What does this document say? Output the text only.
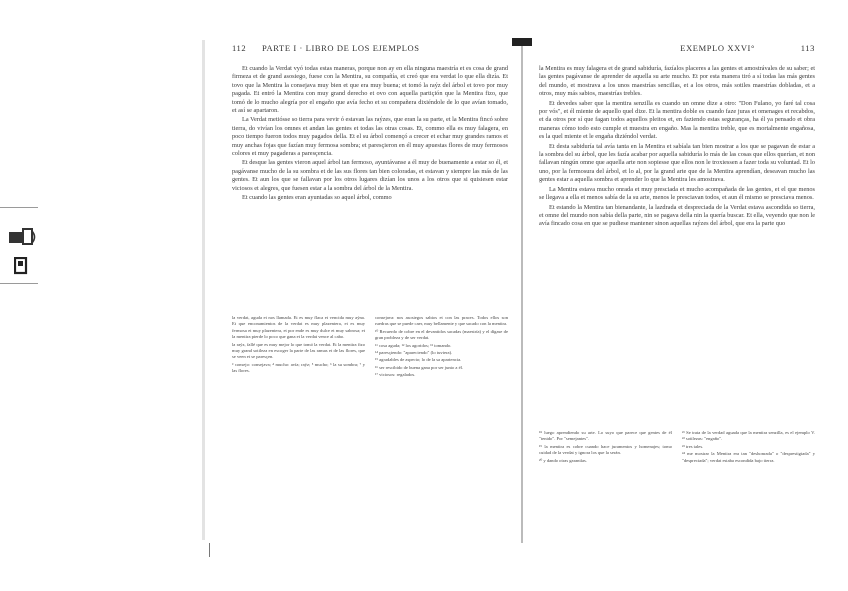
112 PARTE I · LIBRO DE LOS EJEMPLOS

Et cuando la Verdat vyó todas estas maneras, porque non ay en ella ninguna maestría et es cosa de grand firmeza et de grand asosiego, fuese con la Mentira, su compañía, et creó que era verdat lo que ella dizía. Et tovo que la Mentira la consejava muy bien et que era muy buena; et tomó la raýz del árbol et tovo por muy pagada. Et entró la Mentira con muy grand derecho et ovo con aquella partiçión que la Mentira fizo, que tomó de lo mucho alegría por el engaño que avía fecho et su compañera dixiéndole de lo que avían tomado, et así se apartaron.

La Verdat metiósse so tierra para vevir ó estavan las raýzes, que eran la su parte, et la Mentira fincó sobre tierra, do vivían los omnes et andan las gentes et todas las otras cosas. Et, commo ella es muy falagera, en poco tiempo fueron todos muy pagados della. Et el su árbol començó a crecer et echar muy grandes ramos et muy anchas fojas que fazían muy fermosa sombra; et paresçieron en él muy apuestas flores de muy fermosos colores et muy pagaderas a paresçencia.

Et desque las gentes vieron aquel árbol tan fermoso, ayuntávanse a él muy de buenamente a estar so él, et pagávanse mucho de la su sombra et de las sus flores tan bien coloradas, et estavan y siempre las más de las gentes. Et aun los que se fallavan por los otros lugares dizían los unos a los otros que si quisiesen estar viciosos et alegres, que fuesen estar a la sombra del árbol de la Mentira.

Et cuando las gentes eran ayuntadas so aquel árbol, commo

la verdat, aguda et nos llamada. Et es muy flaca et vencida muy aýna. Et que enconamientos de la verdat es muy plazentera, et es muy fermosa et muy plazentera, et por ende es muy dulce et muy sabrosa; et la mentira pierde lo poco que gana et la verdat vence al cabo.

la raýz, fallé que es muy mejor lo que tomó la verdat. Et la mentira fizo muy grand sotileza en escoger la parte de las ramas et de las flores, que se veen et se paresçen.

³ consejo: consejava; ⁴ mucho: avía; raýz; ⁵ mucho; ⁶ la su sombra; ⁷ y las flores.

consejava: nos asosiegos sabios et con las praces. Todos ellos son ruedras que se puede caer, muy bellamente y que sacado con la mentira.

¹⁰ Recuerdo de cobre en el devantidos sacadas (maestría) y el dígase de gran probleza y de ser verdat.

¹¹ cosa aguda; ¹² los agoridos; ¹³ tomando.

¹⁴ paresçiendo: "apareciendo" (lo tuviera).

¹⁵ agradables de aspecto; lo de la sa apariencia.

¹⁶ ser rescibido de buena gana por ser junto a él.

¹⁷ viciosos: regalados.

EXEMPLO XXVI°	113

la Mentira es muy falagera et de grand sabiduría, fazíalos placeres a las gentes et amostrávales de su saber; et las gentes pagávanse de aprender de aquella su arte mucho. Et por esta manera tiró a sí todas las más gentes del mundo, et mostrava a los unos maestrías sencillas, et a los otros, más sotiles maestrías dobladas, et a otros, muy más sabios, maestrías trebles.

Et devedes saber que la mentira senzilla es cuando un omne dize a otro: "Don Fulano, yo faré tal cosa por vós", et él miente de aquello quel dize. Et la mentira doble es cuando faze juras et omenages et recabdos, et da otros por sí que fagan todos aquellos pleitos et, en faziendo estas seguranças, ha él ya pensado et obra maneras cómo todo esto cumple et muestra en engaño. Mas la mentira treble, que es mortalmente engañosa, es la quel miente et le engaña diziéndol verdat.

Et desta sabiduría tal avía tanta en la Mentira et sabíala tan bien mostrar a los que se pagavan de estar a la sombra del su árbol, que les fazía acabar por aquella sabiduría lo más de las cosas que ellos querían, et non fallavan ningún omne que aquella arte non sopiesse que ellos non le troxiessen a fazer toda su voluntad. Et lo uno, por la fermosura del árbol, et lo al, por la grand arte que de la Mentira aprendían, deseavan mucho las gentes estar a aquella sombra et aprender lo que la Mentira les amostrava.

La Mentira estava mucho onrada et muy presciada et mucho acompañada de las gentes, et el que menos se llegava a ella et menos sabía de la su arte, menos le presciavan todos, et aun él mismo se presciava menos.

Et estando la Mentira tan bienandante, la lazdrada et despreciada de la Verdat estava ascondida so tierra, et omne del mundo non sabía della parte, nin se pagava della nin la quería buscar. Et ella, veyendo que non le avía fincado cosa en que se pudiese mantener sinon aquellas raýzes del árbol, que era la parte quo

¹⁸ luego aprendiendo su arte. Lo suyo que parece que gentes de él "tenido". Por "semejantes".

¹⁹ la mentira es cobre cuando hace juramentos y homenajes; tomo cuidad de la verdat y ignora los que la serán.

²⁰ y dando otras garantías.

²¹ Se trata de la verdad aguada que la mentira senzilla, es el ejemplo V. ²² sotilezas: "engaño".

²³ tres tales.

²⁴ me mostrar la Mentira era tan "deshonrada" o "desprestigiada" y "despreciada"; verdat estaba escondida bajo tierra.
